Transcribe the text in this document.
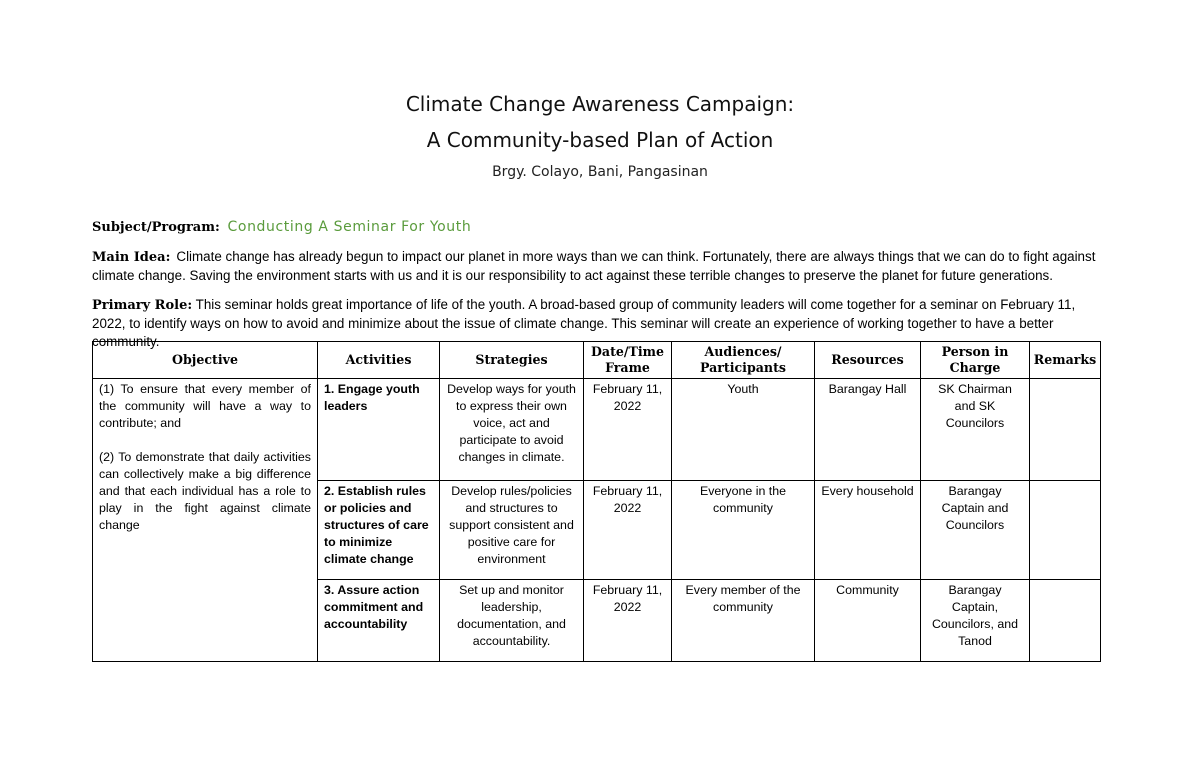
Climate Change Awareness Campaign:
A Community-based Plan of Action
Brgy. Colayo, Bani, Pangasinan
Subject/Program: Conducting A Seminar For Youth
Main Idea: Climate change has already begun to impact our planet in more ways than we can think. Fortunately, there are always things that we can do to fight against climate change. Saving the environment starts with us and it is our responsibility to act against these terrible changes to preserve the planet for future generations.
Primary Role: This seminar holds great importance of life of the youth. A broad-based group of community leaders will come together for a seminar on February 11, 2022, to identify ways on how to avoid and minimize about the issue of climate change. This seminar will create an experience of working together to have a better community.
Objective	Activities	Strategies	Date/Time Frame	Audiences/ Participants	Resources	Person in Charge	Remarks

(1) To ensure that every member of the community will have a way to contribute; and

(2) To demonstrate that daily activities can collectively make a big difference and that each individual has a role to play in the fight against climate change	1. Engage youth leaders	Develop ways for youth to express their own voice, act and participate to avoid changes in climate.	February 11, 2022	Youth	Barangay Hall	SK Chairman and SK Councilors	
	2. Establish rules or policies and structures of care to minimize climate change	Develop rules/policies and structures to support consistent and positive care for environment	February 11, 2022	Everyone in the community	Every household	Barangay Captain and Councilors	
	3. Assure action commitment and accountability	Set up and monitor leadership, documentation, and accountability.	February 11, 2022	Every member of the community	Community	Barangay Captain, Councilors, and Tanod	
